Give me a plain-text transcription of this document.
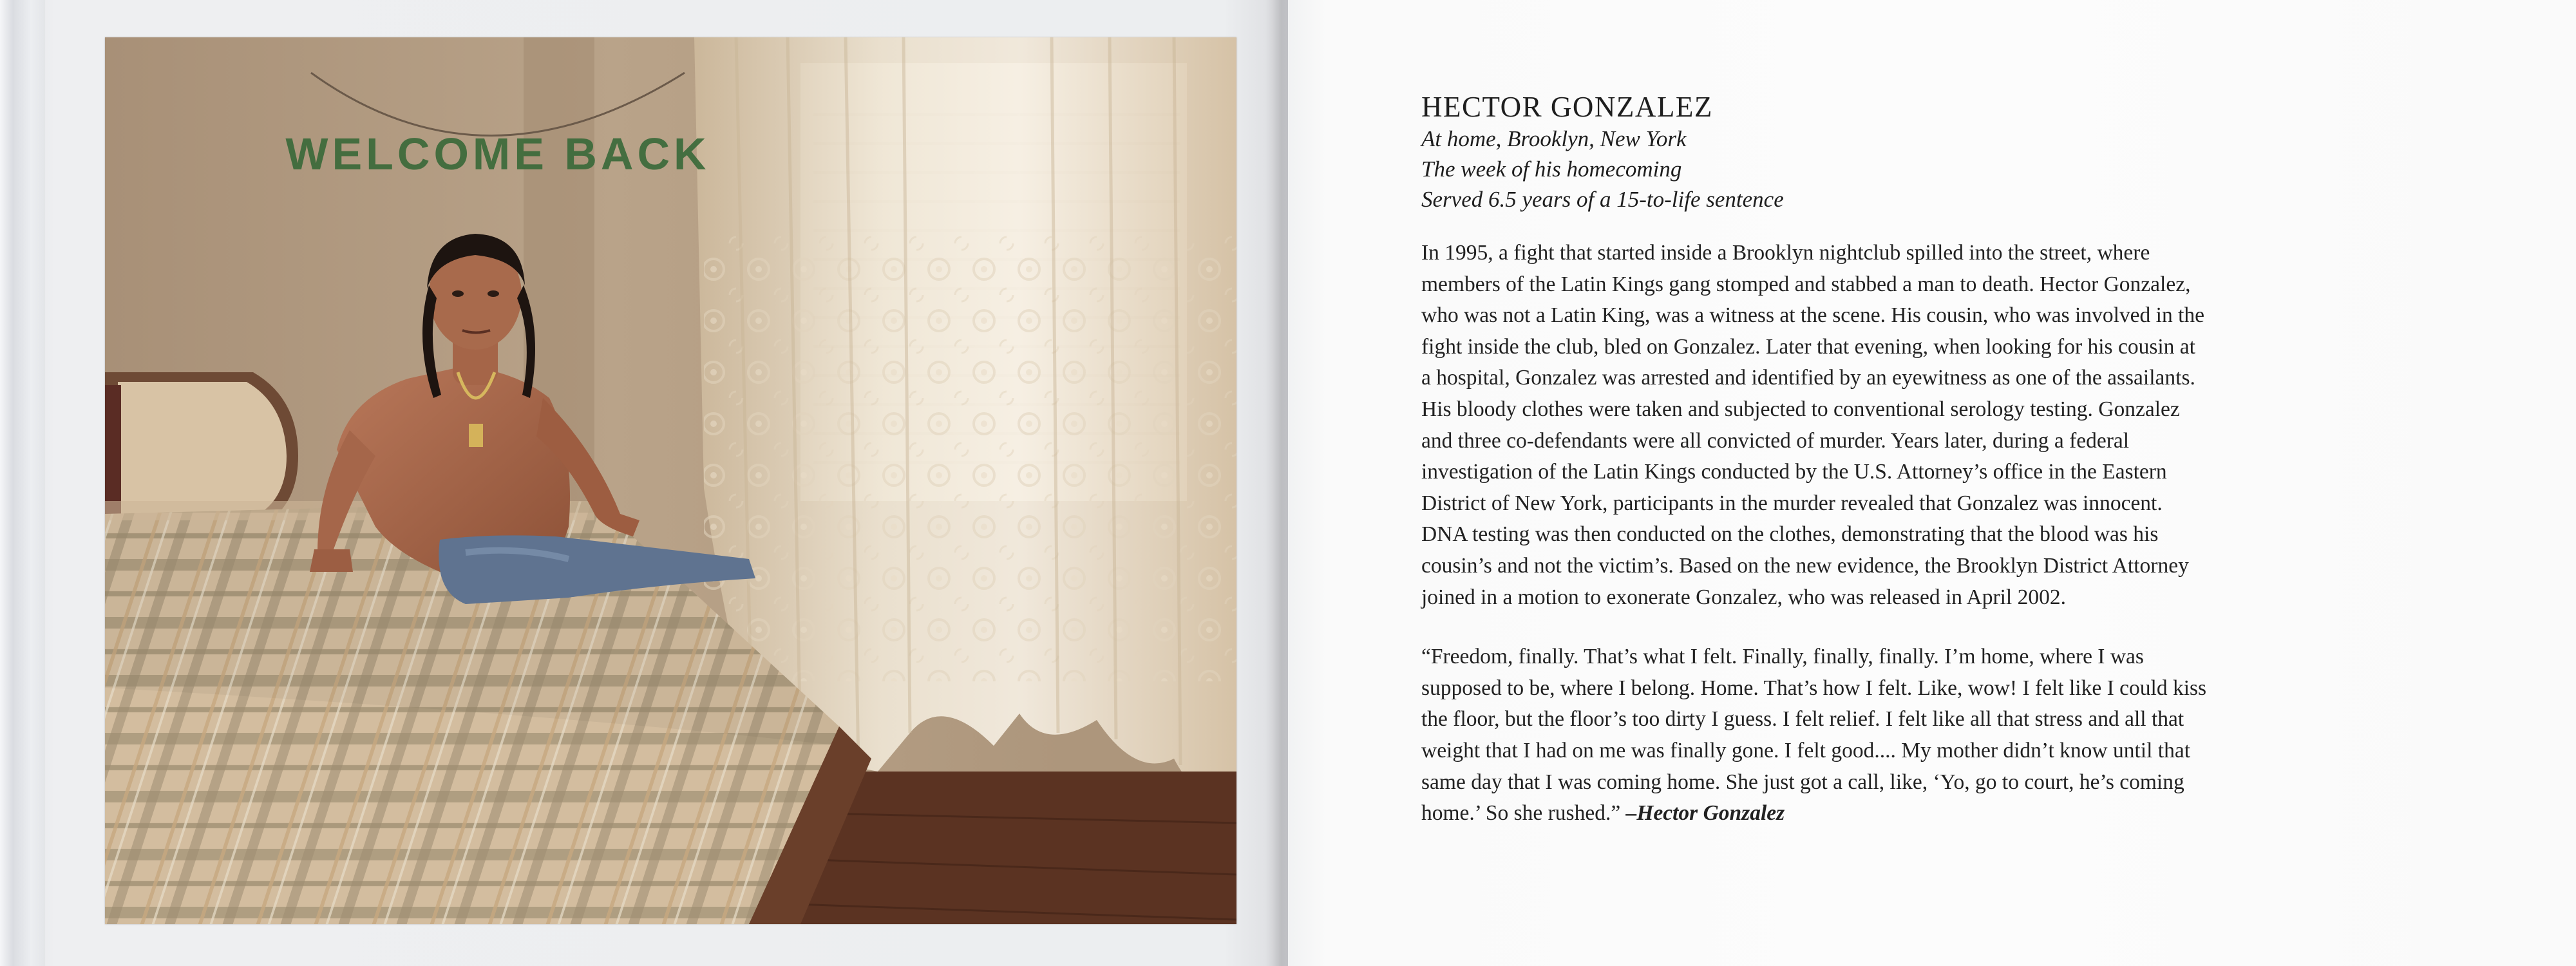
WELCOME BACK
HECTOR GONZALEZ

At home, Brooklyn, New York

The week of his homecoming

Served 6.5 years of a 15-to-life sentence

In 1995, a fight that started inside a Brooklyn nightclub spilled into the street, where
members of the Latin Kings gang stomped and stabbed a man to death. Hector Gonzalez,
who was not a Latin King, was a witness at the scene. His cousin, who was involved in the
fight inside the club, bled on Gonzalez. Later that evening, when looking for his cousin at
a hospital, Gonzalez was arrested and identified by an eyewitness as one of the assailants.
His bloody clothes were taken and subjected to conventional serology testing. Gonzalez
and three co-defendants were all convicted of murder. Years later, during a federal
investigation of the Latin Kings conducted by the U.S. Attorney’s office in the Eastern
District of New York, participants in the murder revealed that Gonzalez was innocent.
DNA testing was then conducted on the clothes, demonstrating that the blood was his
cousin’s and not the victim’s. Based on the new evidence, the Brooklyn District Attorney
joined in a motion to exonerate Gonzalez, who was released in April 2002.
“Freedom, finally. That’s what I felt. Finally, finally, finally. I’m home, where I was
supposed to be, where I belong. Home. That’s how I felt. Like, wow! I felt like I could kiss
the floor, but the floor’s too dirty I guess. I felt relief. I felt like all that stress and all that
weight that I had on me was finally gone. I felt good.... My mother didn’t know until that
same day that I was coming home. She just got a call, like, ‘Yo, go to court, he’s coming
home.’ So she rushed.” –Hector Gonzalez
